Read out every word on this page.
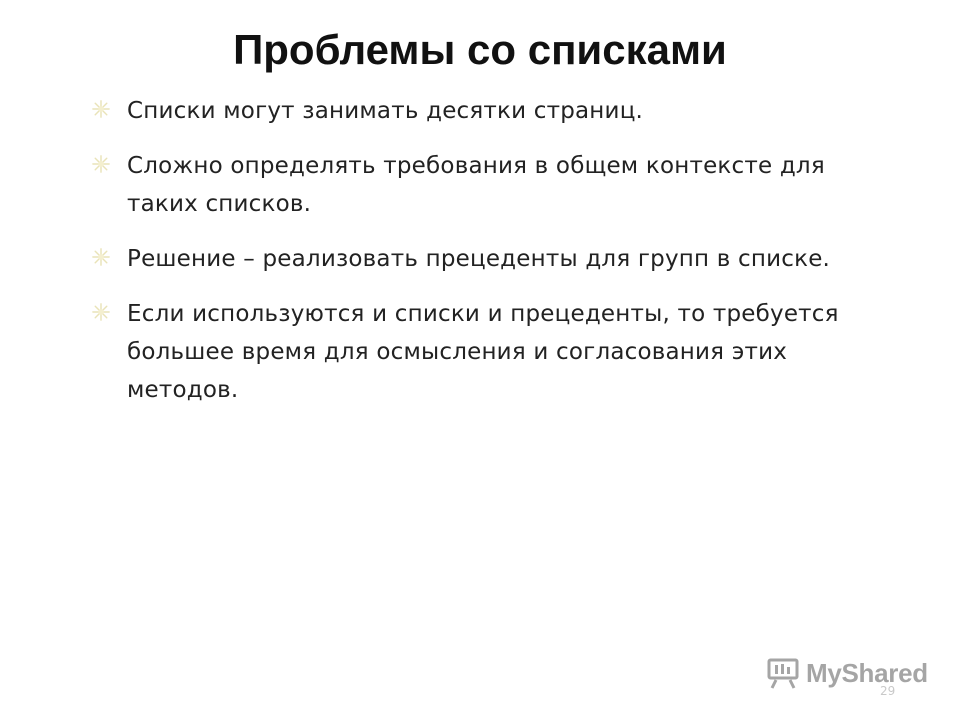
Проблемы со списками
Списки могут занимать десятки страниц.
Сложно определять требования в общем контексте для таких списков.
Решение – реализовать прецеденты для групп в списке.
Если используются и списки и прецеденты, то требуется большее время для осмысления и согласования этих методов.
MyShared
29
